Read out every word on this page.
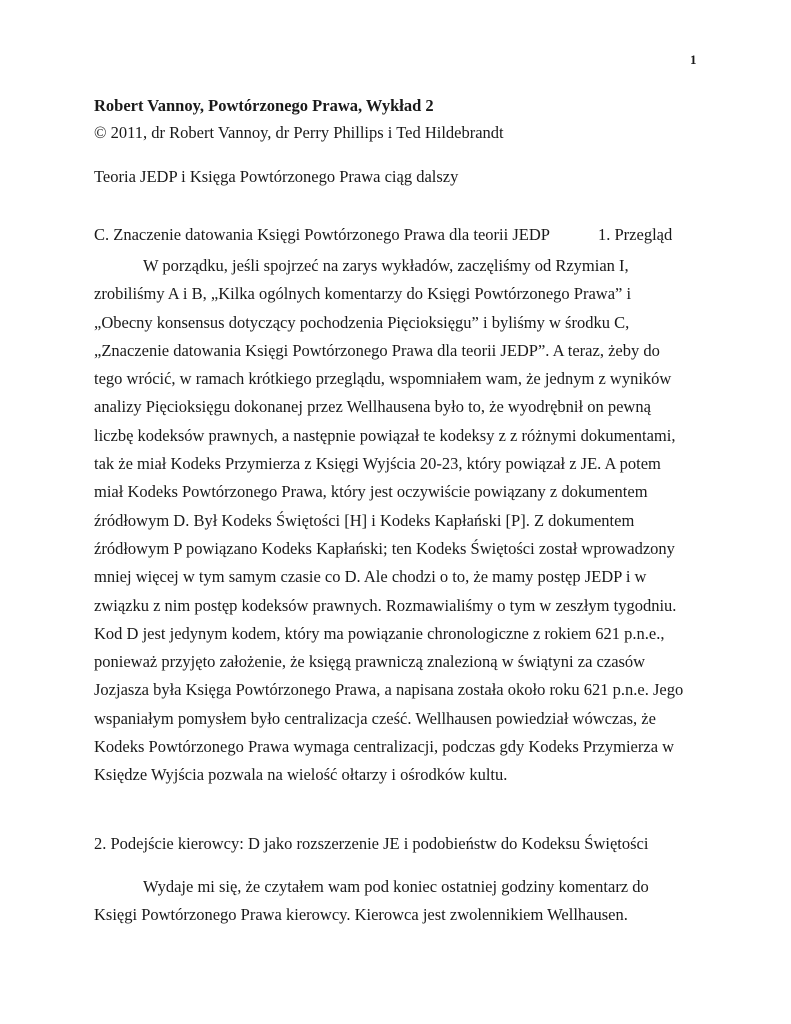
1
Robert Vannoy, Powtórzonego Prawa, Wykład 2
© 2011, dr Robert Vannoy, dr Perry Phillips i Ted Hildebrandt
Teoria JEDP i Księga Powtórzonego Prawa ciąg dalszy
C. Znaczenie datowania Księgi Powtórzonego Prawa dla teorii JEDP	1. Przegląd
W porządku, jeśli spojrzeć na zarys wykładów, zaczęliśmy od Rzymian I,
zrobiliśmy A i B, „Kilka ogólnych komentarzy do Księgi Powtórzonego Prawa” i
„Obecny konsensus dotyczący pochodzenia Pięcioksięgu” i byliśmy w środku C,
„Znaczenie datowania Księgi Powtórzonego Prawa dla teorii JEDP”. A teraz, żeby do
tego wrócić, w ramach krótkiego przeglądu, wspomniałem wam, że jednym z wyników
analizy Pięcioksięgu dokonanej przez Wellhausena było to, że wyodrębnił on pewną
liczbę kodeksów prawnych, a następnie powiązał te kodeksy z z różnymi dokumentami,
tak że miał Kodeks Przymierza z Księgi Wyjścia 20-23, który powiązał z JE. A potem
miał Kodeks Powtórzonego Prawa, który jest oczywiście powiązany z dokumentem
źródłowym D. Był Kodeks Świętości [H] i Kodeks Kapłański [P]. Z dokumentem
źródłowym P powiązano Kodeks Kapłański; ten Kodeks Świętości został wprowadzony
mniej więcej w tym samym czasie co D. Ale chodzi o to, że mamy postęp JEDP i w
związku z nim postęp kodeksów prawnych. Rozmawialiśmy o tym w zeszłym tygodniu.
Kod D jest jedynym kodem, który ma powiązanie chronologiczne z rokiem 621 p.n.e.,
ponieważ przyjęto założenie, że księgą prawniczą znalezioną w świątyni za czasów
Jozjasza była Księga Powtórzonego Prawa, a napisana została około roku 621 p.n.e. Jego
wspaniałym pomysłem było centralizacja cześć. Wellhausen powiedział wówczas, że
Kodeks Powtórzonego Prawa wymaga centralizacji, podczas gdy Kodeks Przymierza w
Księdze Wyjścia pozwala na wielość ołtarzy i ośrodków kultu.
2. Podejście kierowcy: D jako rozszerzenie JE i podobieństw do Kodeksu Świętości
Wydaje mi się, że czytałem wam pod koniec ostatniej godziny komentarz do
Księgi Powtórzonego Prawa kierowcy. Kierowca jest zwolennikiem Wellhausen.
